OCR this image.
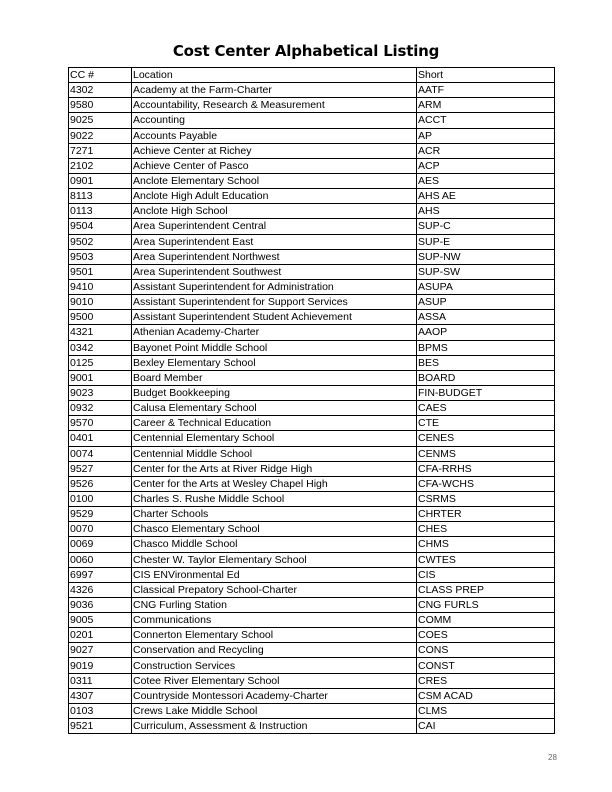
Cost Center Alphabetical Listing
CC #	Location	Short
4302	Academy at the Farm-Charter	AATF
9580	Accountability, Research & Measurement	ARM
9025	Accounting	ACCT
9022	Accounts Payable	AP
7271	Achieve Center at Richey	ACR
2102	Achieve Center of Pasco	ACP
0901	Anclote Elementary School	AES
8113	Anclote High Adult Education	AHS AE
0113	Anclote High School	AHS
9504	Area Superintendent Central	SUP-C
9502	Area Superintendent East	SUP-E
9503	Area Superintendent Northwest	SUP-NW
9501	Area Superintendent Southwest	SUP-SW
9410	Assistant Superintendent for Administration	ASUPA
9010	Assistant Superintendent for Support Services	ASUP
9500	Assistant Superintendent Student Achievement	ASSA
4321	Athenian Academy-Charter	AAOP
0342	Bayonet Point Middle School	BPMS
0125	Bexley Elementary School	BES
9001	Board Member	BOARD
9023	Budget Bookkeeping	FIN-BUDGET
0932	Calusa Elementary School	CAES
9570	Career & Technical Education	CTE
0401	Centennial Elementary School	CENES
0074	Centennial Middle School	CENMS
9527	Center for the Arts at River Ridge High	CFA-RRHS
9526	Center for the Arts at Wesley Chapel High	CFA-WCHS
0100	Charles S. Rushe Middle School	CSRMS
9529	Charter Schools	CHRTER
0070	Chasco Elementary School	CHES
0069	Chasco Middle School	CHMS
0060	Chester W. Taylor Elementary School	CWTES
6997	CIS ENVironmental Ed	CIS
4326	Classical Prepatory School-Charter	CLASS PREP
9036	CNG Furling Station	CNG FURLS
9005	Communications	COMM
0201	Connerton Elementary School	COES
9027	Conservation and Recycling	CONS
9019	Construction Services	CONST
0311	Cotee River Elementary School	CRES
4307	Countryside Montessori Academy-Charter	CSM ACAD
0103	Crews Lake Middle School	CLMS
9521	Curriculum, Assessment & Instruction	CAI
28
